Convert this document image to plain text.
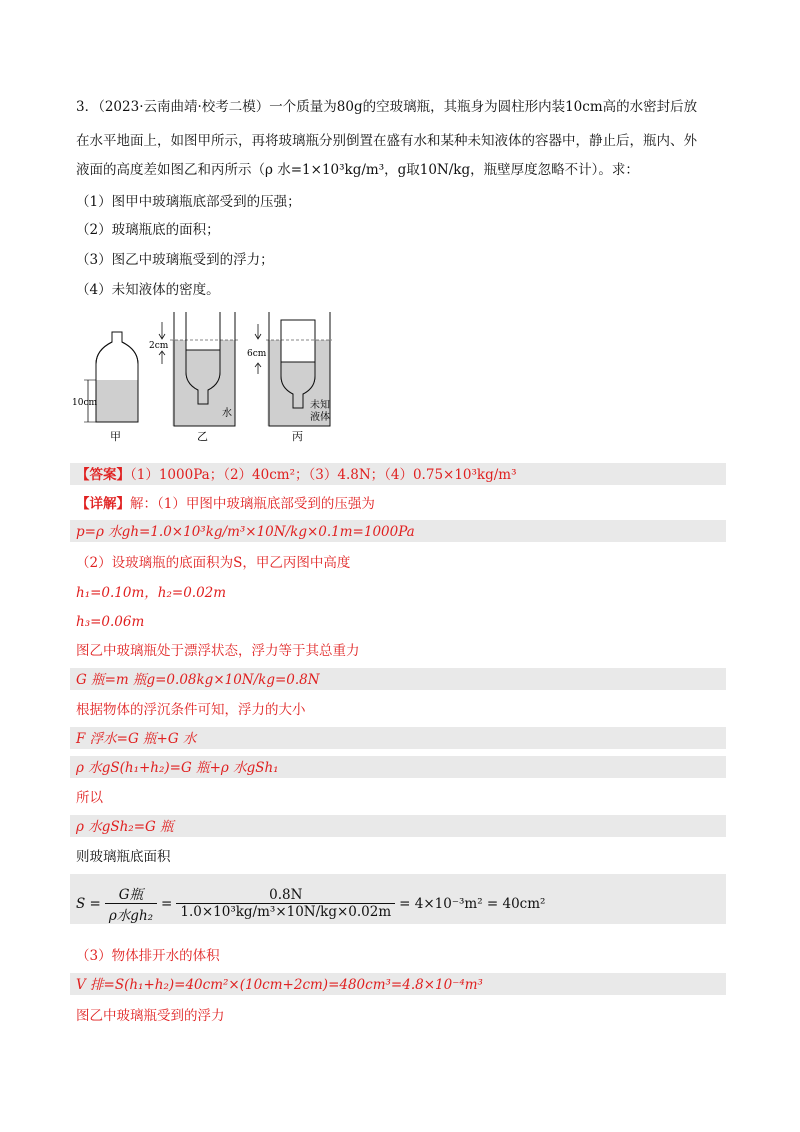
3．（2023·云南曲靖·校考二模）一个质量为80g的空玻璃瓶，其瓶身为圆柱形内装10cm高的水密封后放
在水平地面上，如图甲所示，再将玻璃瓶分别倒置在盛有水和某种未知液体的容器中，静止后，瓶内、外
液面的高度差如图乙和丙所示（ρ 水=1×10³kg/m³，g取10N/kg，瓶壁厚度忽略不计）。求：
（1）图甲中玻璃瓶底部受到的压强；
（2）玻璃瓶底的面积；
（3）图乙中玻璃瓶受到的浮力；
（4）未知液体的密度。
10cm
甲
2cm
水
乙
6cm
未知
液体
丙
【答案】（1）1000Pa；（2）40cm²；（3）4.8N；（4）0.75×10³kg/m³
【详解】解：（1）甲图中玻璃瓶底部受到的压强为
p=ρ 水gh=1.0×10³kg/m³×10N/kg×0.1m=1000Pa
（2）设玻璃瓶的底面积为S，甲乙丙图中高度
h₁=0.10m，h₂=0.02m
h₃=0.06m
图乙中玻璃瓶处于漂浮状态，浮力等于其总重力
G 瓶=m 瓶g=0.08kg×10N/kg=0.8N
根据物体的浮沉条件可知，浮力的大小
F 浮水=G 瓶+G 水
ρ 水gS(h₁+h₂)=G 瓶+ρ 水gSh₁
所以
ρ 水gSh₂=G 瓶
则玻璃瓶底面积
$S = \frac{\text{G瓶}}{\text{ρ水gh₂}} = \frac{0.8N}{\text{1.0×10³kg/m³×10N/kg×0.02m}} = 4\times 10^{-3}m^2 = 40cm^2$
（3）物体排开水的体积
V 排=S(h₁+h₂)=40cm²×(10cm+2cm)=480cm³=4.8×10⁻⁴m³
图乙中玻璃瓶受到的浮力
